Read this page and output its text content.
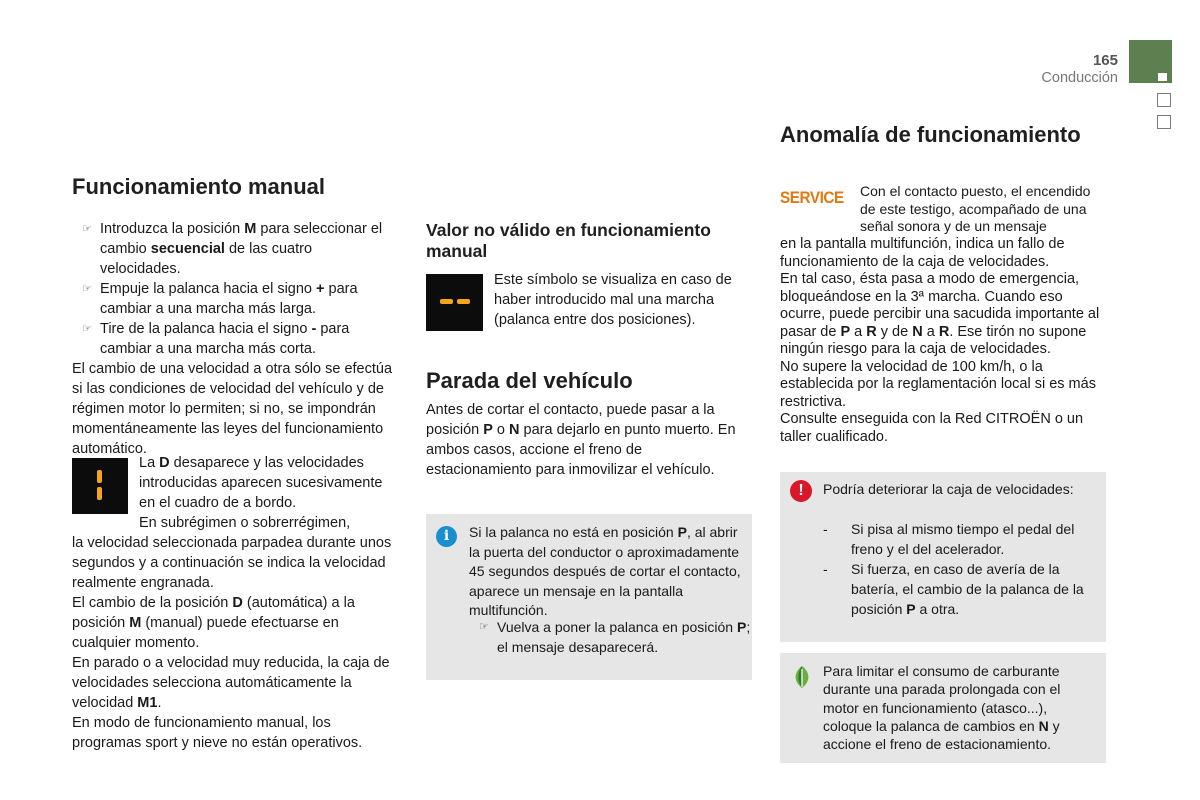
165
Conducción
Funcionamiento manual
☞ Introduzca la posición M para seleccionar el cambio secuencial de las cuatro velocidades.
☞ Empuje la palanca hacia el signo + para cambiar a una marcha más larga.
☞ Tire de la palanca hacia el signo - para cambiar a una marcha más corta.
El cambio de una velocidad a otra sólo se efectúa si las condiciones de velocidad del vehículo y de régimen motor lo permiten; si no, se impondrán momentáneamente las leyes del funcionamiento automático.
La D desaparece y las velocidades introducidas aparecen sucesivamente en el cuadro de a bordo.
En subrégimen o sobrerrégimen,
la velocidad seleccionada parpadea durante unos segundos y a continuación se indica la velocidad realmente engranada.
El cambio de la posición D (automática) a la posición M (manual) puede efectuarse en cualquier momento.
En parado o a velocidad muy reducida, la caja de velocidades selecciona automáticamente la velocidad M1.
En modo de funcionamiento manual, los programas sport y nieve no están operativos.
Valor no válido en funcionamiento manual
Este símbolo se visualiza en caso de haber introducido mal una marcha (palanca entre dos posiciones).
Parada del vehículo
Antes de cortar el contacto, puede pasar a la posición P o N para dejarlo en punto muerto. En ambos casos, accione el freno de estacionamiento para inmovilizar el vehículo.
i	Si la palanca no está en posición P, al abrir la puerta del conductor o aproximadamente 45 segundos después de cortar el contacto, aparece un mensaje en la pantalla multifunción.
☞ Vuelva a poner la palanca en posición P; el mensaje desaparecerá.
Anomalía de funcionamiento
SERVICE Con el contacto puesto, el encendido de este testigo, acompañado de una señal sonora y de un mensaje
en la pantalla multifunción, indica un fallo de funcionamiento de la caja de velocidades.
En tal caso, ésta pasa a modo de emergencia, bloqueándose en la 3ª marcha. Cuando eso ocurre, puede percibir una sacudida importante al pasar de P a R y de N a R. Ese tirón no supone ningún riesgo para la caja de velocidades.
No supere la velocidad de 100 km/h, o la establecida por la reglamentación local si es más restrictiva.
Consulte enseguida con la Red CITROËN o un taller cualificado.
!	Podría deteriorar la caja de velocidades:
- Si pisa al mismo tiempo el pedal del freno y el del acelerador.
- Si fuerza, en caso de avería de la batería, el cambio de la palanca de la posición P a otra.
Para limitar el consumo de carburante durante una parada prolongada con el motor en funcionamiento (atasco...), coloque la palanca de cambios en N y accione el freno de estacionamiento.
